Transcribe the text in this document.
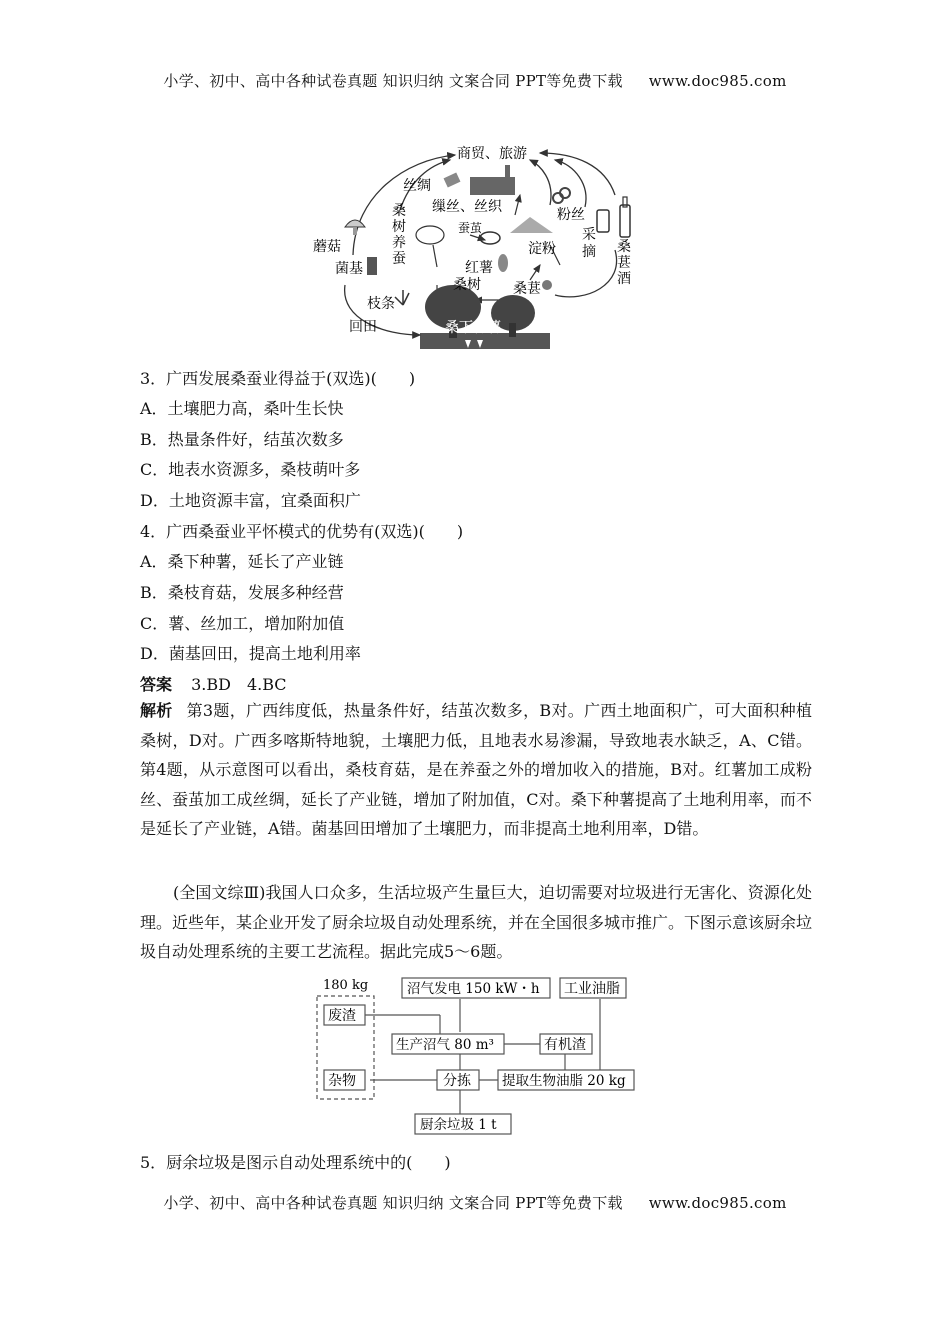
小学、初中、高中各种试卷真题 知识归纳 文案合同 PPT等免费下载 www.doc985.com
商贸、旅游
丝绸
缫丝、丝织	粉丝
蘑菇
桑
树
养
蚕
蚕茧
淀粉
采
摘 桑
葚
酒
菌基	红薯
桑树 桑葚
枝条
回田	桑下种薯
3．广西发展桑蚕业得益于(双选)(　　)
A．土壤肥力高，桑叶生长快
B．热量条件好，结茧次数多
C．地表水资源多，桑枝萌叶多
D．土地资源丰富，宜桑面积广
4．广西桑蚕业平怀模式的优势有(双选)(　　)
A．桑下种薯，延长了产业链
B．桑枝育菇，发展多种经营
C．薯、丝加工，增加附加值
D．菌基回田，提高土地利用率
答案 3.BD　4.BC
解析 第3题，广西纬度低，热量条件好，结茧次数多，B对。广西土地面积广，可大面积种植桑树，D对。广西多喀斯特地貌，土壤肥力低，且地表水易渗漏，导致地表水缺乏，A、C错。第4题，从示意图可以看出，桑枝育菇，是在养蚕之外的增加收入的措施，B对。红薯加工成粉丝、蚕茧加工成丝绸，延长了产业链，增加了附加值，C对。桑下种薯提高了土地利用率，而不是延长了产业链，A错。菌基回田增加了土壤肥力，而非提高土地利用率，D错。
(全国文综Ⅲ)我国人口众多，生活垃圾产生量巨大，迫切需要对垃圾进行无害化、资源化处理。近些年，某企业开发了厨余垃圾自动处理系统，并在全国很多城市推广。下图示意该厨余垃圾自动处理系统的主要工艺流程。据此完成5～6题。
180 kg
废渣
杂物
沼气发电 150 kW・h 工业油脂
生产沼气 80 m³	有机渣
分拣 提取生物油脂 20 kg
厨余垃圾 1 t
5．厨余垃圾是图示自动处理系统中的(　　)
小学、初中、高中各种试卷真题 知识归纳 文案合同 PPT等免费下载 www.doc985.com
